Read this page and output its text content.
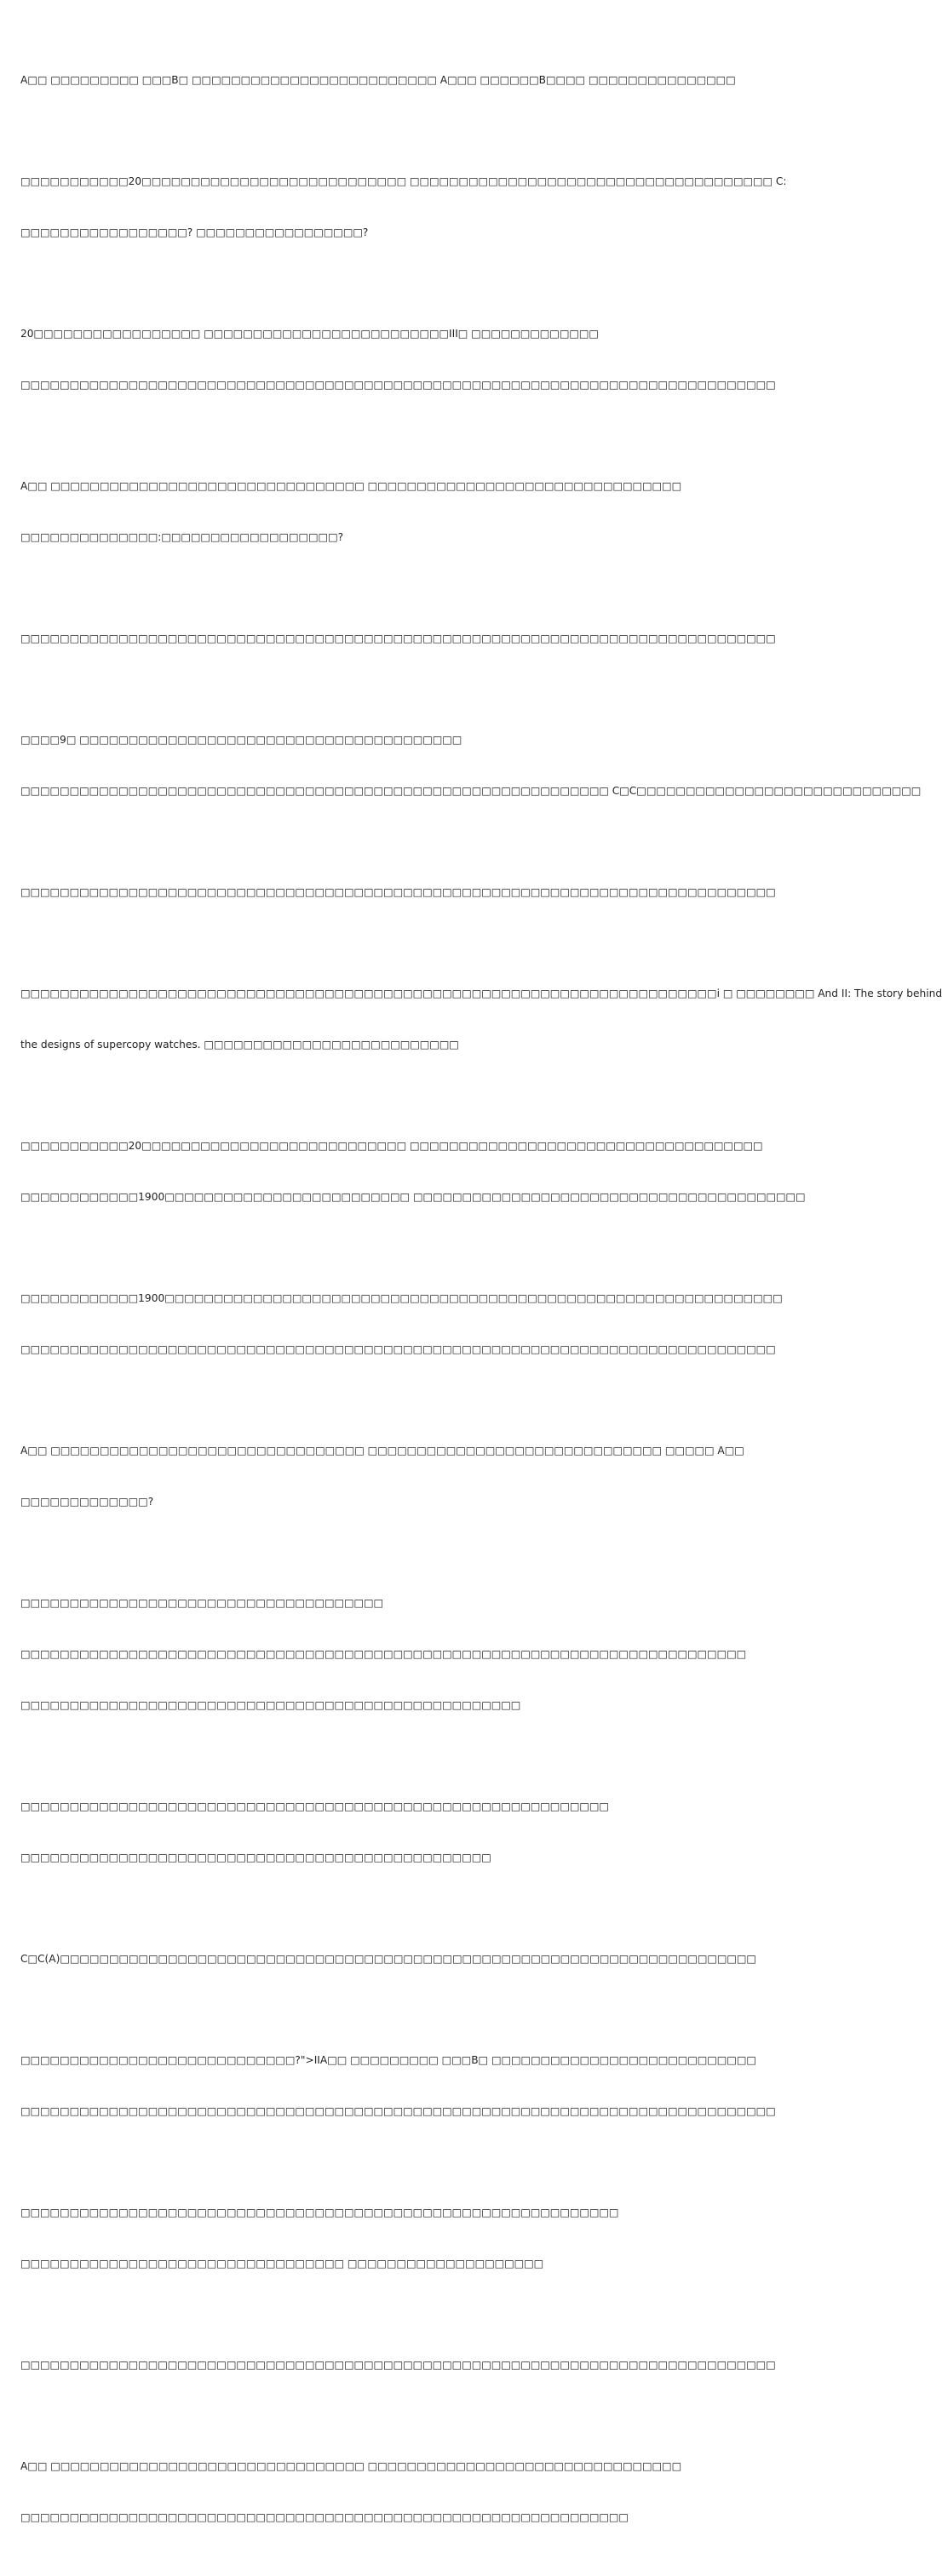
A□□ □□□□□□□□□ □□□B□ □□□□□□□□□□□□□□□□□□□□□□□□□ A□□□ □□□□□□B□□□□ □□□□□□□□□□□□□□□

□□□□□□□□□□□20□□□□□□□□□□□□□□□□□□□□□□□□□□□ □□□□□□□□□□□□□□□□□□□□□□□□□□□□□□□□□□□□□ C:

□□□□□□□□□□□□□□□□□? □□□□□□□□□□□□□□□□□?

20□□□□□□□□□□□□□□□□□ □□□□□□□□□□□□□□□□□□□□□□□□□III□ □□□□□□□□□□□□□

□□□□□□□□□□□□□□□□□□□□□□□□□□□□□□□□□□□□□□□□□□□□□□□□□□□□□□□□□□□□□□□□□□□□□□□□□□□□□

A□□ □□□□□□□□□□□□□□□□□□□□□□□□□□□□□□□□ □□□□□□□□□□□□□□□□□□□□□□□□□□□□□□□□

□□□□□□□□□□□□□□:□□□□□□□□□□□□□□□□□□?

□□□□□□□□□□□□□□□□□□□□□□□□□□□□□□□□□□□□□□□□□□□□□□□□□□□□□□□□□□□□□□□□□□□□□□□□□□□□□

□□□□9□ □□□□□□□□□□□□□□□□□□□□□□□□□□□□□□□□□□□□□□□

□□□□□□□□□□□□□□□□□□□□□□□□□□□□□□□□□□□□□□□□□□□□□□□□□□□□□□□□□□□□ C□C□□□□□□□□□□□□□□□□□□□□□□□□□□□□□

□□□□□□□□□□□□□□□□□□□□□□□□□□□□□□□□□□□□□□□□□□□□□□□□□□□□□□□□□□□□□□□□□□□□□□□□□□□□□

□□□□□□□□□□□□□□□□□□□□□□□□□□□□□□□□□□□□□□□□□□□□□□□□□□□□□□□□□□□□□□□□□□□□□□□i □ □□□□□□□□ And II: The story behind

the designs of supercopy watches. □□□□□□□□□□□□□□□□□□□□□□□□□□

□□□□□□□□□□□20□□□□□□□□□□□□□□□□□□□□□□□□□□□ □□□□□□□□□□□□□□□□□□□□□□□□□□□□□□□□□□□□

□□□□□□□□□□□□1900□□□□□□□□□□□□□□□□□□□□□□□□□ □□□□□□□□□□□□□□□□□□□□□□□□□□□□□□□□□□□□□□□□

□□□□□□□□□□□□1900□□□□□□□□□□□□□□□□□□□□□□□□□□□□□□□□□□□□□□□□□□□□□□□□□□□□□□□□□□□□□□□

□□□□□□□□□□□□□□□□□□□□□□□□□□□□□□□□□□□□□□□□□□□□□□□□□□□□□□□□□□□□□□□□□□□□□□□□□□□□□

A□□ □□□□□□□□□□□□□□□□□□□□□□□□□□□□□□□□ □□□□□□□□□□□□□□□□□□□□□□□□□□□□□□ □□□□□ A□□

□□□□□□□□□□□□□?

□□□□□□□□□□□□□□□□□□□□□□□□□□□□□□□□□□□□□

□□□□□□□□□□□□□□□□□□□□□□□□□□□□□□□□□□□□□□□□□□□□□□□□□□□□□□□□□□□□□□□□□□□□□□□□□□

□□□□□□□□□□□□□□□□□□□□□□□□□□□□□□□□□□□□□□□□□□□□□□□□□□□

□□□□□□□□□□□□□□□□□□□□□□□□□□□□□□□□□□□□□□□□□□□□□□□□□□□□□□□□□□□□

□□□□□□□□□□□□□□□□□□□□□□□□□□□□□□□□□□□□□□□□□□□□□□□□

C□C(A)□□□□□□□□□□□□□□□□□□□□□□□□□□□□□□□□□□□□□□□□□□□□□□□□□□□□□□□□□□□□□□□□□□□□□□□

□□□□□□□□□□□□□□□□□□□□□□□□□□□□?">IIA□□ □□□□□□□□□ □□□B□ □□□□□□□□□□□□□□□□□□□□□□□□□□□

□□□□□□□□□□□□□□□□□□□□□□□□□□□□□□□□□□□□□□□□□□□□□□□□□□□□□□□□□□□□□□□□□□□□□□□□□□□□□

□□□□□□□□□□□□□□□□□□□□□□□□□□□□□□□□□□□□□□□□□□□□□□□□□□□□□□□□□□□□□

□□□□□□□□□□□□□□□□□□□□□□□□□□□□□□□□□ □□□□□□□□□□□□□□□□□□□□

□□□□□□□□□□□□□□□□□□□□□□□□□□□□□□□□□□□□□□□□□□□□□□□□□□□□□□□□□□□□□□□□□□□□□□□□□□□□□

A□□ □□□□□□□□□□□□□□□□□□□□□□□□□□□□□□□□ □□□□□□□□□□□□□□□□□□□□□□□□□□□□□□□□

□□□□□□□□□□□□□□□□□□□□□□□□□□□□□□□□□□□□□□□□□□□□□□□□□□□□□□□□□□□□□□
